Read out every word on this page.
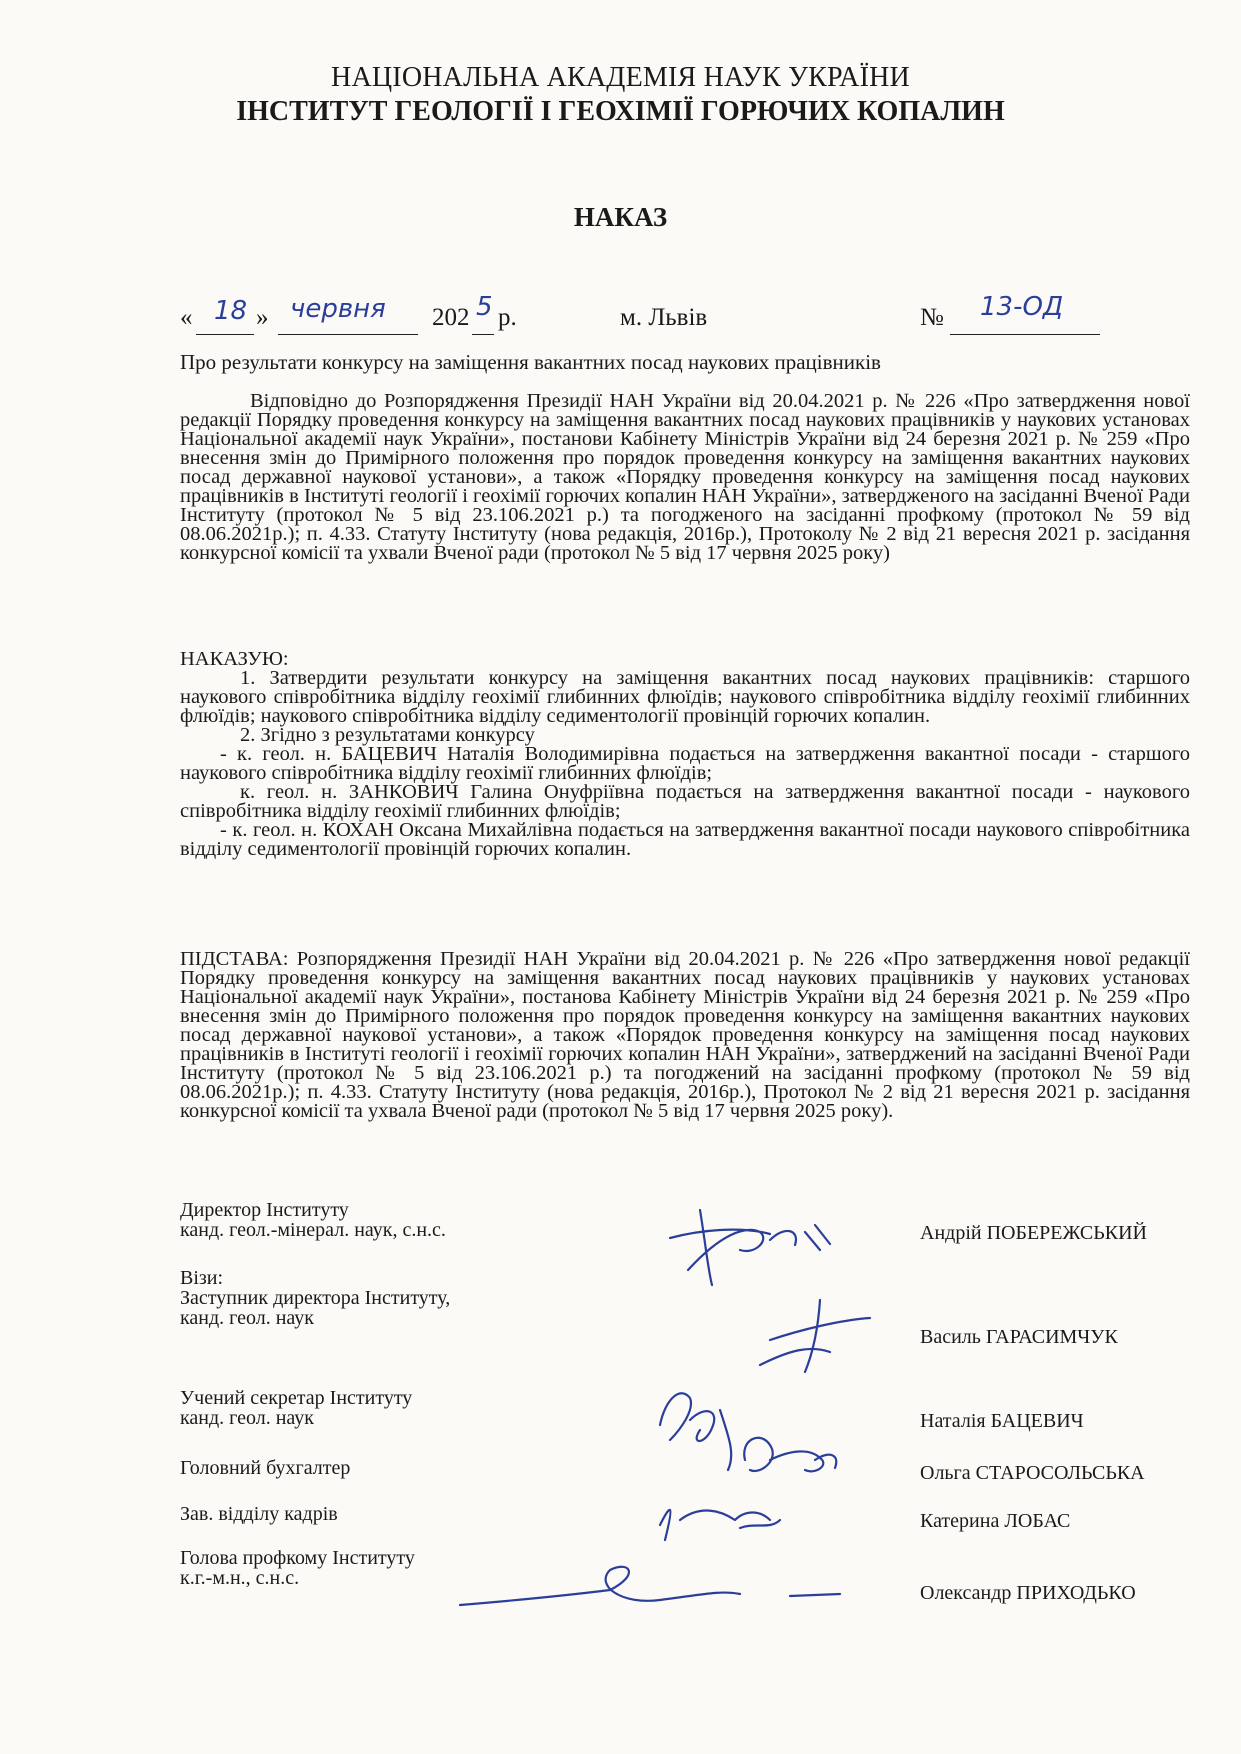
НАЦІОНАЛЬНА АКАДЕМІЯ НАУК УКРАЇНИ
ІНСТИТУТ ГЕОЛОГІЇ І ГЕОХІМІЇ ГОРЮЧИХ КОПАЛИН
НАКАЗ
« 18 » червня 202 5 р.	м. Львів	№ 13-ОД
Про результати конкурсу на заміщення вакантних посад наукових працівників

Відповідно до Розпорядження Президії НАН України від 20.04.2021 р. № 226 «Про затвердження нової редакції Порядку проведення конкурсу на заміщення вакантних посад наукових працівників у наукових установах Національної академії наук України», постанови Кабінету Міністрів України від 24 березня 2021 р. № 259 «Про внесення змін до Примірного положення про порядок проведення конкурсу на заміщення вакантних наукових посад державної наукової установи», а також «Порядку проведення конкурсу на заміщення посад наукових працівників в Інституті геології і геохімії горючих копалин НАН України», затвердженого на засіданні Вченої Ради Інституту (протокол № 5 від 23.106.2021 р.) та погодженого на засіданні профкому (протокол № 59 від 08.06.2021р.); п. 4.33. Статуту Інституту (нова редакція, 2016р.), Протоколу № 2 від 21 вересня 2021 р. засідання конкурсної комісії та ухвали Вченої ради (протокол № 5 від 17 червня 2025 року)

НАКАЗУЮ:

1. Затвердити результати конкурсу на заміщення вакантних посад наукових працівників: старшого наукового співробітника відділу геохімії глибинних флюїдів; наукового співробітника відділу геохімії глибинних флюїдів; наукового співробітника відділу седиментології провінцій горючих копалин.

2. Згідно з результатами конкурсу

- к. геол. н. БАЦЕВИЧ Наталія Володимирівна подається на затвердження вакантної посади - старшого наукового співробітника відділу геохімії глибинних флюїдів;

к. геол. н. ЗАНКОВИЧ Галина Онуфріївна подається на затвердження вакантної посади - наукового співробітника відділу геохімії глибинних флюїдів;

- к. геол. н. КОХАН Оксана Михайлівна подається на затвердження вакантної посади наукового співробітника відділу седиментології провінцій горючих копалин.

ПІДСТАВА: Розпорядження Президії НАН України від 20.04.2021 р. № 226 «Про затвердження нової редакції Порядку проведення конкурсу на заміщення вакантних посад наукових працівників у наукових установах Національної академії наук України», постанова Кабінету Міністрів України від 24 березня 2021 р. № 259 «Про внесення змін до Примірного положення про порядок проведення конкурсу на заміщення вакантних наукових посад державної наукової установи», а також «Порядок проведення конкурсу на заміщення посад наукових працівників в Інституті геології і геохімії горючих копалин НАН України», затверджений на засіданні Вченої Ради Інституту (протокол № 5 від 23.106.2021 р.) та погоджений на засіданні профкому (протокол № 59 від 08.06.2021р.); п. 4.33. Статуту Інституту (нова редакція, 2016р.), Протокол № 2 від 21 вересня 2021 р. засідання конкурсної комісії та ухвала Вченої ради (протокол № 5 від 17 червня 2025 року).

Директор Інституту
канд. геол.-мінерал. наук, с.н.с.	Андрій ПОБЕРЕЖСЬКИЙ
Візи:
Заступник директора Інституту,
канд. геол. наук
Василь ГАРАСИМЧУК
Учений секретар Інституту
канд. геол. наук	Наталія БАЦЕВИЧ
Головний бухгалтер	Ольга СТАРОСОЛЬСЬКА
Зав. відділу кадрів	Катерина ЛОБАС
Голова профкому Інституту
к.г.-м.н., с.н.с.
Олександр ПРИХОДЬКО
